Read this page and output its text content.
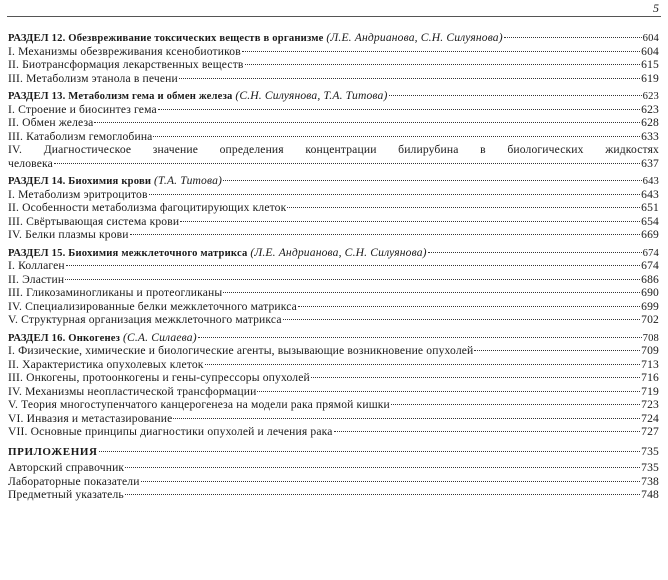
5
РАЗДЕЛ 12. Обезвреживание токсических веществ в организме (Л.Е. Андрианова, С.Н. Силуянова)	604
I. Механизмы обезвреживания ксенобиотиков	604
II. Биотрансформация лекарственных веществ	615
III. Метаболизм этанола в печени	619
РАЗДЕЛ 13. Метаболизм гема и обмен железа (С.Н. Силуянова, Т.А. Титова)	623
I. Строение и биосинтез гема	623
II. Обмен железа	628
III. Катаболизм гемоглобина	633
IV. Диагностическое значение определения концентрации билирубина в биологических жидкостях
человека	637
РАЗДЕЛ 14. Биохимия крови (Т.А. Титова)	643
I. Метаболизм эритроцитов	643
II. Особенности метаболизма фагоцитирующих клеток	651
III. Свёртывающая система крови	654
IV. Белки плазмы крови	669
РАЗДЕЛ 15. Биохимия межклеточного матрикса (Л.Е. Андрианова, С.Н. Силуянова)	674
I. Коллаген	674
II. Эластин	686
III. Гликозаминогликаны и протеогликаны	690
IV. Специализированные белки межклеточного матрикса	699
V. Структурная организация межклеточного матрикса	702
РАЗДЕЛ 16. Онкогенез (С.А. Силаева)	708
I. Физические, химические и биологические агенты, вызывающие возникновение опухолей	709
II. Характеристика опухолевых клеток	713
III. Онкогены, протоонкогены и гены-супрессоры опухолей	716
IV. Механизмы неопластической трансформации	719
V. Теория многоступенчатого канцерогенеза на модели рака прямой кишки	723
VI. Инвазия и метастазирование	724
VII. Основные принципы диагностики опухолей и лечения рака	727
ПРИЛОЖЕНИЯ	735
Авторский справочник	735
Лабораторные показатели	738
Предметный указатель	748
